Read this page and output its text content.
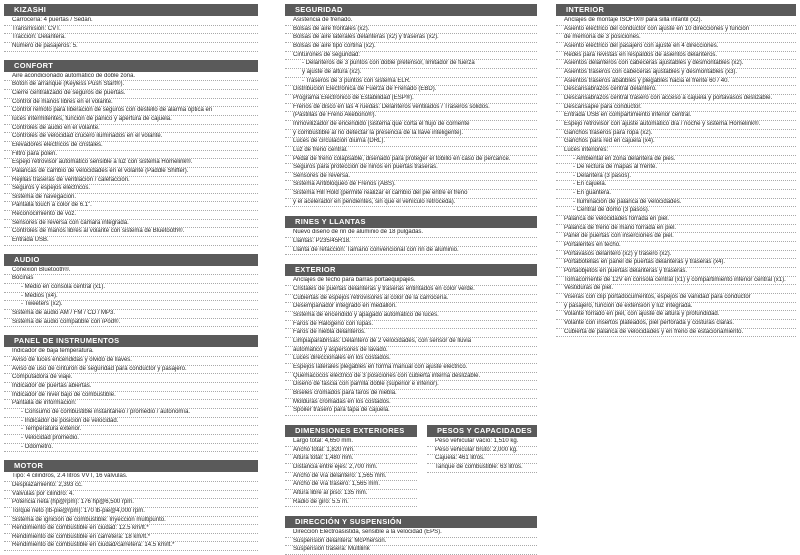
KIZASHI
Carrocería: 4 puertas / Sedán.
Transmisión: CVT.
Tracción: Delantera.
Número de pasajeros: 5.
CONFORT
Aire acondicionado automático de doble zona.
Botón de arranque (Keyless Push Start®).
Cierre centralizado de seguros de puertas.
Control de manos libres en el volante.
Control remoto para liberación de seguros con destello de alarma óptica en
luces intermitentes, función de pánico y apertura de cajuela.
Controles de audio en el volante.
Controles de velocidad crucero iluminados en el volante.
Elevadores eléctricos de cristales.
Filtro para polen.
Espejo retrovisor automático sensible a luz con sistema Homelink®.
Palancas de cambio de velocidades en el volante (Paddle Shifter).
Rejillas traseras de ventilación / calefacción.
Seguros y espejos eléctricos.
Sistema de navegación.
Pantalla touch a color de 6.1".
Reconocimiento de voz.
Sensores de reversa con cámara integrada.
Controles de manos libres al volante con sistema de Bluetooth®.
Entrada USB.
AUDIO
Conexión Bluetooth®.
Bocinas
- Medio en consola central (x1).
- Medios (x4).
- Tweeters (x2).
Sistema de audio AM / FM / CD / MP3.
Sistema de audio compatible con iPod®.
PANEL DE INSTRUMENTOS
Indicador de baja temperatura.
Aviso de luces encendidas y olvido de llaves.
Aviso de uso de cinturón de seguridad para conductor y pasajero.
Computadora de viaje.
Indicador de puertas abiertas.
Indicador de nivel bajo de combustible.
Pantalla de información:
- Consumo de combustible instantáneo / promedio / autonomía.
- Indicador de posición de velocidad.
- Temperatura exterior.
- Velocidad promedio.
- Odómetro.
MOTOR
Tipo: 4 cilindros, 2.4 litros VVT, 16 válvulas.
Desplazamiento: 2,393 cc.
Válvulas por cilindro: 4.
Potencia neta (hp@rpm): 176 hp@6,500 rpm.
Torque neto (lb-pie@rpm): 170 lb-pie@4,000 rpm.
Sistema de ignición de combustible: Inyección multipunto.
Rendimiento de combustible en ciudad: 12.5 km/lt.*
Rendimiento de combustible en carretera: 18 km/lt.*
Rendimiento de combustible en ciudad/carretera: 14.5 km/lt.*
SEGURIDAD
Asistencia de frenado.
Bolsas de aire frontales (x2).
Bolsas de aire laterales delanteras (x2) y traseras (x2).
Bolsas de aire tipo cortina (x2).
Cinturones de seguridad:
- Delanteros de 3 puntos con doble pretensor, limitador de fuerza
y ajuste de altura (x2).
- Traseros de 3 puntos con sistema ELR.
Distribución Electrónica de Fuerza de Frenado (EBD).
Programa Electrónico de Estabilidad (ESP®).
Frenos de disco en las 4 ruedas: Delanteros ventilados / Traseros sólidos.
(Pastillas de Freno Akebono®).
Inmovilizador de encendido (sistema que corta el flujo de corriente
y combustible al no detectar la presencia de la llave inteligente).
Luces de circulación diurna (DRL).
Luz de freno central.
Pedal de freno colapsable, diseñado para proteger el tobillo en caso de percance.
Seguros para protección de niños en puertas traseras.
Sensores de reversa.
Sistema Antibloqueo de Frenos (ABS).
Sistema Hill Hold (permite realizar el cambio del pie entre el freno
y el acelerador en pendientes, sin que el vehículo retroceda).
RINES Y LLANTAS
Nuevo diseño de rin de aluminio de 18 pulgadas.
Llantas: P235/45R18.
Llanta de refacción: Tamaño convencional con rin de aluminio.
EXTERIOR
Anclajes de techo para barras portaequipajes.
Cristales de puertas delanteras y traseras entintados en color verde.
Cubiertas de espejos retrovisores al color de la carrocería.
Desempañador integrado en medallón.
Sistema de encendido y apagado automático de luces.
Faros de Halógeno con lupas.
Faros de niebla delanteros.
Limpiaparabrisas: Delantero de 2 velocidades, con sensor de lluvia
automático y aspersores de lavado.
Luces direccionales en los costados.
Espejos laterales plegables en forma manual con ajuste eléctrico.
Quemacocos eléctrico de 3 posiciones con cubierta interna deslizable.
Diseño de fascia con parrilla doble (superior e inferior).
Biseles cromados para faros de niebla.
Molduras cromadas en los costados.
Spoiler trasero para tapa de cajuela.
DIMENSIONES EXTERIORES
Largo total: 4,650 mm.
Ancho total: 1,820 mm.
Altura total: 1,480 mm.
Distancia entre ejes: 2,700 mm.
Ancho de vía delantero: 1,565 mm.
Ancho de vía trasero: 1,565 mm.
Altura libre al piso: 135 mm.
Radio de giro: 5.5 m.
PESOS Y CAPACIDADES
Peso vehicular vacío: 1,510 kg.
Peso vehicular bruto: 2,000 kg.
Cajuela: 461 litros.
Tanque de combustible: 63 litros.
DIRECCIÓN Y SUSPENSIÓN
Dirección Electroasistida, sensible a la velocidad (EPS).
Suspensión delantera: McPherson.
Suspensión trasera: Multilink
INTERIOR
Anclajes de montaje ISOFIX® para silla infantil (x2).
Asiento eléctrico del conductor con ajuste en 10 direcciones y función
de memoria de 3 posiciones.
Asiento eléctrico del pasajero con ajuste en 4 direcciones.
Redes para revistas en respaldos de asientos delanteros.
Asientos delanteros con cabeceras ajustables y desmontables (x2).
Asientos traseros con cabeceras ajustables y desmontables (x3).
Asientos traseros abatibles y plegables hacia el frente 60 / 40.
Descansabrazos central delantero.
Descansabrazos central trasero con acceso a cajuela y portavasos deslizable.
Descansapie para conductor.
Entrada USB en compartimiento inferior central.
Espejo retrovisor con ajuste automático día / noche y sistema Homelink®.
Ganchos traseros para ropa (x2).
Ganchos para red en cajuela (x4).
Luces interiores:
- Ambiental en zona delantera de pies.
- De lectura de mapas al frente.
- Delantera (3 pasos).
- En cajuela.
- En guantera.
- Iluminación de palanca de velocidades.
- Central de domo (3 pasos).
Palanca de velocidades forrada en piel.
Palanca de freno de mano forrada en piel.
Panel de puertas con inserciones de piel.
Portalentes en techo.
Portavasos delantero (x2) y trasero (x2).
Portabotellas en panel de puertas delanteras y traseras (x4).
Portaobjetos en puertas delanteras y traseras.
Tomacorriente de 12V en consola central (x1) y compartimiento inferior central (x1).
Vestiduras de piel.
Viseras con clip portadocumentos, espejos de vanidad para conductor
y pasajero, función de extensión y luz integrada.
Volante forrado en piel, con ajuste de altura y profundidad.
Volante con insertos plateados, piel perforada y costuras claras.
Cubierta de palanca de velocidades y en freno de estacionamiento.
